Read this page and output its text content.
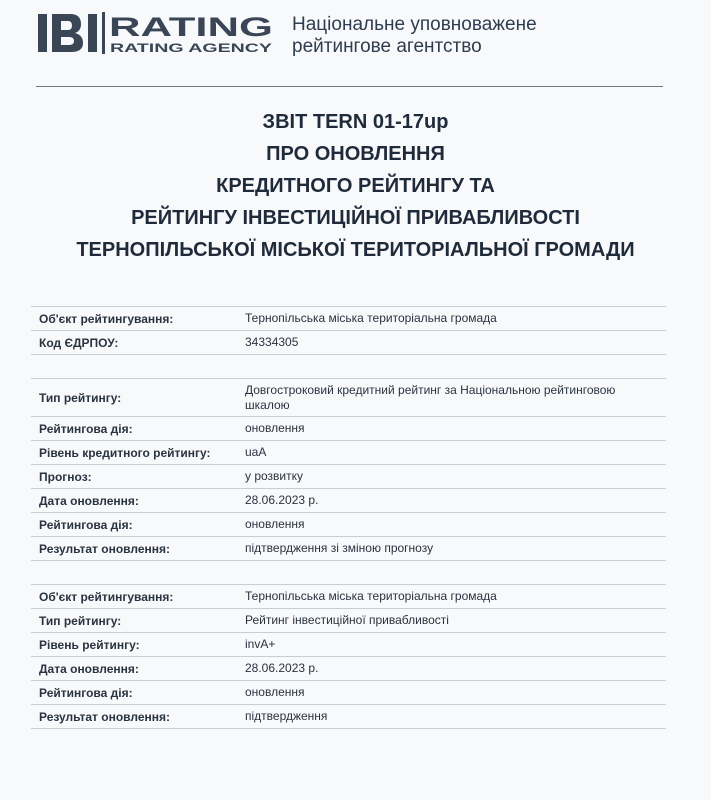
RATING
RATING AGENCY
Національне уповноважене
рейтингове агентство
ЗВІТ TERN 01-17up
ПРО ОНОВЛЕННЯ
КРЕДИТНОГО РЕЙТИНГУ ТА
РЕЙТИНГУ ІНВЕСТИЦІЙНОЇ ПРИВАБЛИВОСТІ
ТЕРНОПІЛЬСЬКОЇ МІСЬКОЇ ТЕРИТОРІАЛЬНОЇ ГРОМАДИ
Об'єкт рейтингування:	Тернопільська міська територіальна громада
Код ЄДРПОУ:	34334305
Тип рейтингу:
Довгостроковий кредитний рейтинг за Національною рейтинговою шкалою
Рейтингова дія:	оновлення
Рівень кредитного рейтингу:	uaA
Прогноз:	у розвитку
Дата оновлення:	28.06.2023 р.
Рейтингова дія:	оновлення
Результат оновлення:	підтвердження зі зміною прогнозу
Об'єкт рейтингування:	Тернопільська міська територіальна громада
Тип рейтингу:	Рейтинг інвестиційної привабливості
Рівень рейтингу:	invA+
Дата оновлення:	28.06.2023 р.
Рейтингова дія:	оновлення
Результат оновлення:	підтвердження
